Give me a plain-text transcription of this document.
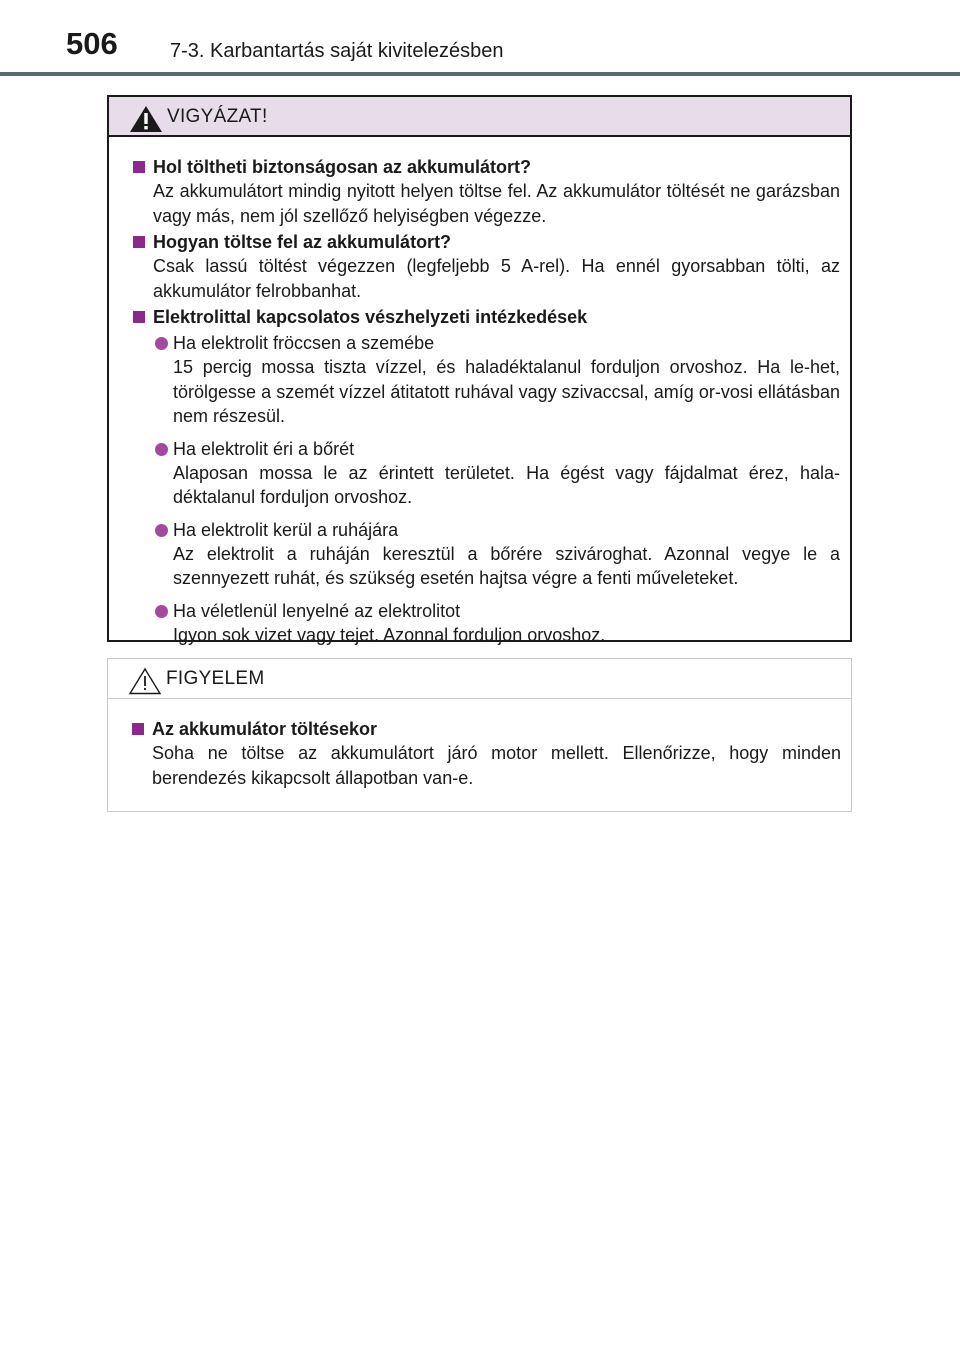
506	7-3. Karbantartás saját kivitelezésben
VIGYÁZAT!
Hol töltheti biztonságosan az akkumulátort?

Az akkumulátort mindig nyitott helyen töltse fel. Az akkumulátor töltését ne garázsban vagy más, nem jól szellőző helyiségben végezze.

Hogyan töltse fel az akkumulátort?

Csak lassú töltést végezzen (legfeljebb 5 A-rel). Ha ennél gyorsabban tölti, az akkumulátor felrobbanhat.

Elektrolittal kapcsolatos vészhelyzeti intézkedések
Ha elektrolit fröccsen a szemébe

15 percig mossa tiszta vízzel, és haladéktalanul forduljon orvoshoz. Ha le-het, törölgesse a szemét vízzel átitatott ruhával vagy szivaccsal, amíg or-vosi ellátásban nem részesül.

Ha elektrolit éri a bőrét

Alaposan mossa le az érintett területet. Ha égést vagy fájdalmat érez, hala-déktalanul forduljon orvoshoz.

Ha elektrolit kerül a ruhájára

Az elektrolit a ruháján keresztül a bőrére szivároghat. Azonnal vegye le a szennyezett ruhát, és szükség esetén hajtsa végre a fenti műveleteket.

Ha véletlenül lenyelné az elektrolitot

Igyon sok vizet vagy tejet. Azonnal forduljon orvoshoz.

FIGYELEM
Az akkumulátor töltésekor

Soha ne töltse az akkumulátort járó motor mellett. Ellenőrizze, hogy minden berendezés kikapcsolt állapotban van-e.
